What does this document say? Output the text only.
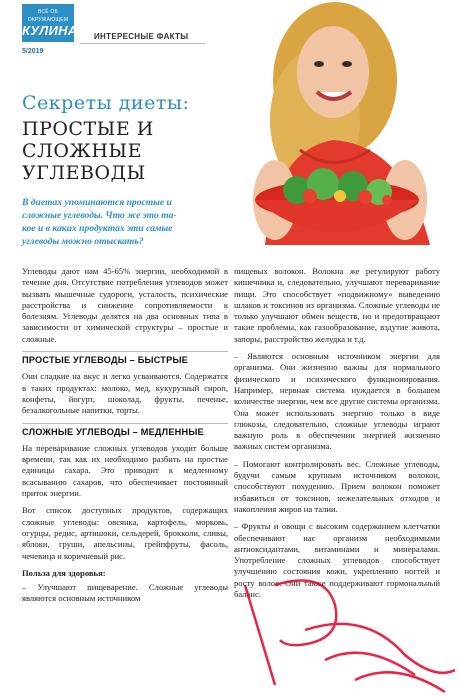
ВСЁ ОБ ОКРУЖАЮЩЕМ
КУЛИНАР
5/2019
ИНТЕРЕСНЫЕ ФАКТЫ
Секреты диеты:
ПРОСТЫЕ И СЛОЖНЫЕ УГЛЕВОДЫ
В диетах упоминаются простые и
сложные углеводы. Что же это та-
кое и в каких продуктах эти самые
углеводы можно отыскать?

Углеводы дают нам 45-65% энергии, необходимой в течение дня. Отсутствие потребления углеводов может вызвать мышечные судороги, усталость, психические расстройства и снижение сопротивляемости к болезням. Углеводы делятся на два основных типа в зависимости от химической структуры – простые и сложные.

ПРОСТЫЕ УГЛЕВОДЫ – БЫСТРЫЕ

Они сладкие на вкус и легко усваиваются. Содержатся в таких продуктах: молоко, мед, кукурузный сироп, конфеты, йогурт, шоколад, фрукты, печенье, безалкогольные напитки, торты.

СЛОЖНЫЕ УГЛЕВОДЫ – МЕДЛЕННЫЕ

На переваривание сложных углеводов уходит больше времени, так как их необходимо разбить на простые единицы сахара. Это приводит к медленному всасыванию сахаров, что обеспечивает постоянный приток энергии.

Вот список доступных продуктов, содержащих сложные углеводы: овсянка, картофель, морковь, огурцы, редис, артишоки, сельдерей, брокколи, сливы, яблоки, груши, апельсины, грейпфруты, фасоль, чечевица и коричневый рис.

Польза для здоровья:

– Улучшают пищеварение. Сложные углеводы являются основным источником

пищевых волокон. Волокна же регулируют работу кишечника и, следовательно, улучшают переваривание пищи. Это способствует «подвижному» выведению шлаков и токсинов из организма. Сложные углеводы не только улучшают обмен веществ, но и предотвращают такие проблемы, как газообразование, вздутие живота, запоры, расстройство желудка и т.д.

– Являются основным источником энергии для организма. Они жизненно важны для нормального физического и психического функционирования. Например, нервная система нуждается в большем количестве энергии, чем все другие системы организма. Она может использовать энергию только в виде глюкозы, следовательно, сложные углеводы играют важную роль в обеспечении энергией жизненно важных систем организма.

– Помогают контролировать вес. Сложные углеводы, будучи самым крупным источником волокон, способствуют похудению. Прием волокон поможет избавиться от токсинов, нежелательных отходов и накопления жиров на талии.

– Фрукты и овощи с высоким содержанием клетчатки обеспечивают нас организм необходимыми антиоксидантами, витаминами и минералами. Употребление сложных углеводов способствует улучшению состояния кожи, укреплению ногтей и росту волос. Они также поддерживают гормональный баланс.
